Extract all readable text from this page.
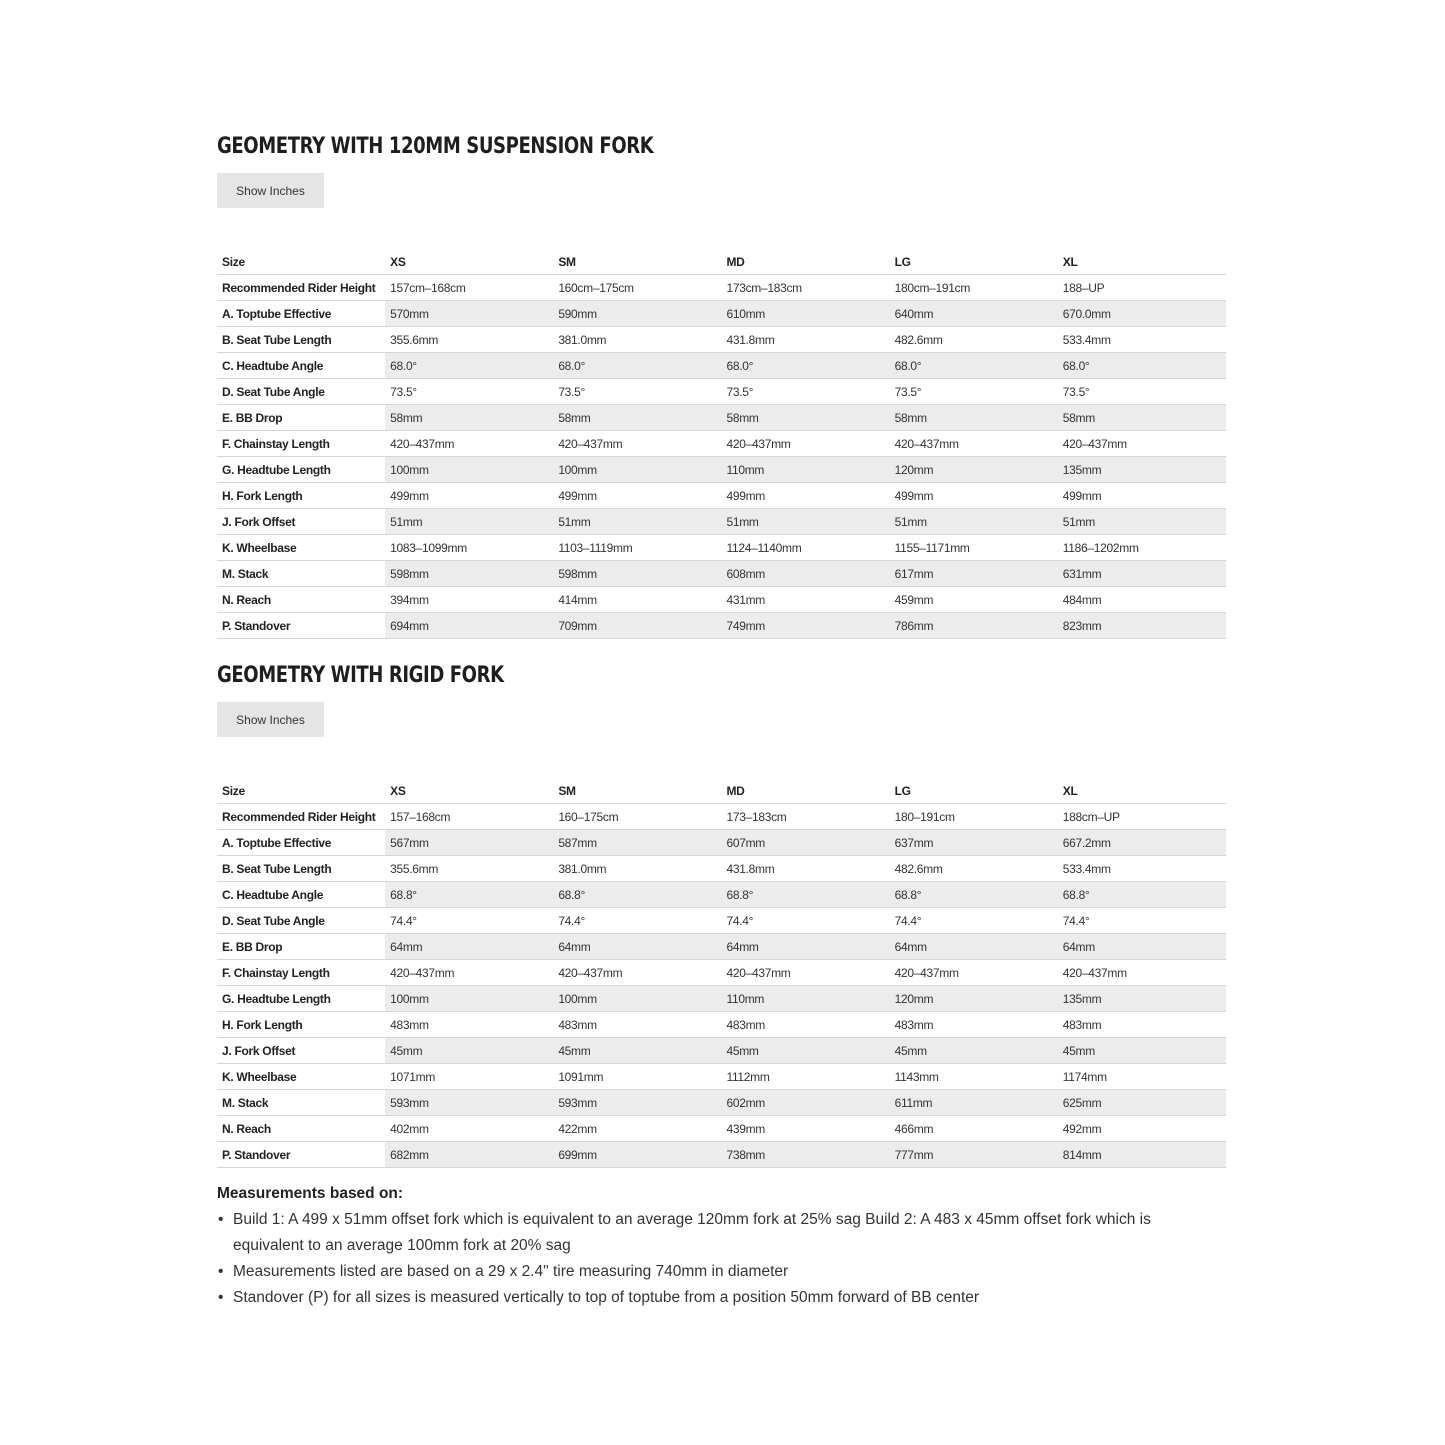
GEOMETRY WITH 120MM SUSPENSION FORK
Show Inches
Size	XS	SM	MD	LG	XL
Recommended Rider Height	157cm–168cm	160cm–175cm	173cm–183cm	180cm–191cm	188–UP
A. Toptube Effective	570mm	590mm	610mm	640mm	670.0mm
B. Seat Tube Length	355.6mm	381.0mm	431.8mm	482.6mm	533.4mm
C. Headtube Angle	68.0°	68.0°	68.0°	68.0°	68.0°
D. Seat Tube Angle	73.5°	73.5°	73.5°	73.5°	73.5°
E. BB Drop	58mm	58mm	58mm	58mm	58mm
F. Chainstay Length	420–437mm	420–437mm	420–437mm	420–437mm	420–437mm
G. Headtube Length	100mm	100mm	110mm	120mm	135mm
H. Fork Length	499mm	499mm	499mm	499mm	499mm
J. Fork Offset	51mm	51mm	51mm	51mm	51mm
K. Wheelbase	1083–1099mm	1103–1119mm	1124–1140mm	1155–1171mm	1186–1202mm
M. Stack	598mm	598mm	608mm	617mm	631mm
N. Reach	394mm	414mm	431mm	459mm	484mm
P. Standover	694mm	709mm	749mm	786mm	823mm
GEOMETRY WITH RIGID FORK
Show Inches
Size	XS	SM	MD	LG	XL
Recommended Rider Height	157–168cm	160–175cm	173–183cm	180–191cm	188cm–UP
A. Toptube Effective	567mm	587mm	607mm	637mm	667.2mm
B. Seat Tube Length	355.6mm	381.0mm	431.8mm	482.6mm	533.4mm
C. Headtube Angle	68.8°	68.8°	68.8°	68.8°	68.8°
D. Seat Tube Angle	74.4°	74.4°	74.4°	74.4°	74.4°
E. BB Drop	64mm	64mm	64mm	64mm	64mm
F. Chainstay Length	420–437mm	420–437mm	420–437mm	420–437mm	420–437mm
G. Headtube Length	100mm	100mm	110mm	120mm	135mm
H. Fork Length	483mm	483mm	483mm	483mm	483mm
J. Fork Offset	45mm	45mm	45mm	45mm	45mm
K. Wheelbase	1071mm	1091mm	1112mm	1143mm	1174mm
M. Stack	593mm	593mm	602mm	611mm	625mm
N. Reach	402mm	422mm	439mm	466mm	492mm
P. Standover	682mm	699mm	738mm	777mm	814mm

Measurements based on:

• Build 1: A 499 x 51mm offset fork which is equivalent to an average 120mm fork at 25% sag Build 2: A 483 x 45mm offset fork which is equivalent to an average 100mm fork at 20% sag
• Measurements listed are based on a 29 x 2.4" tire measuring 740mm in diameter
• Standover (P) for all sizes is measured vertically to top of toptube from a position 50mm forward of BB center
